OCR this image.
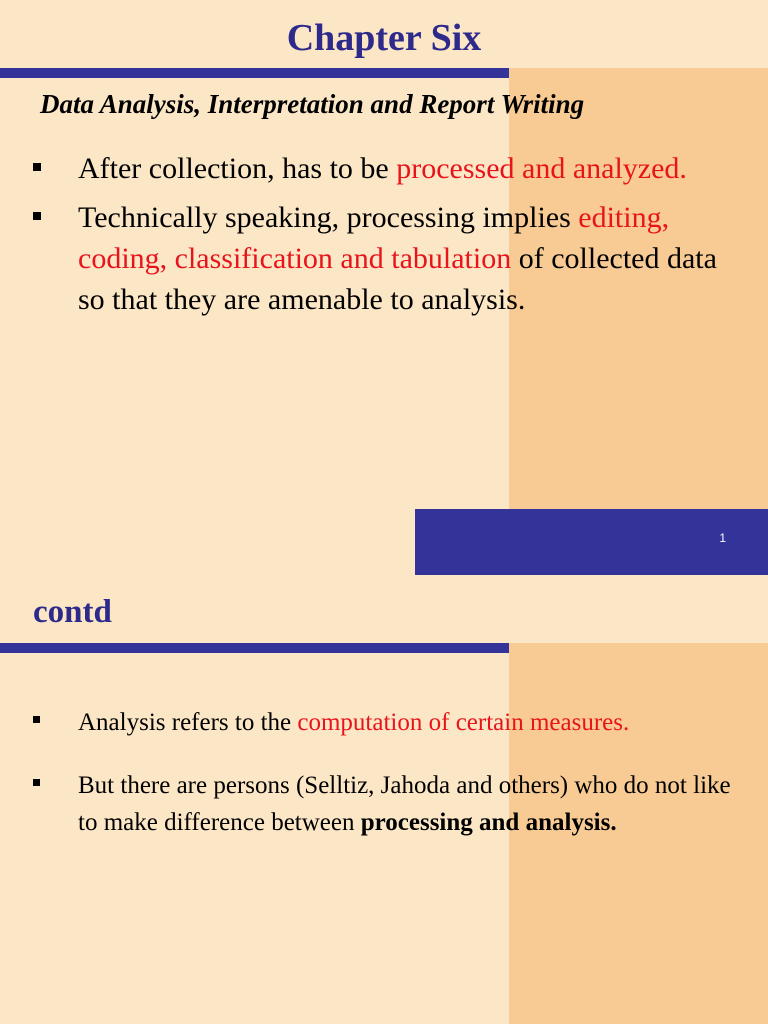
Chapter Six
Data Analysis, Interpretation and Report Writing
After collection, has to be processed and analyzed.
Technically speaking, processing implies editing, coding, classification and tabulation of collected data so that they are amenable to analysis.
contd
Analysis refers to the computation of certain measures.
But there are persons (Selltiz, Jahoda and others) who do not like to make difference between processing and analysis.
1
